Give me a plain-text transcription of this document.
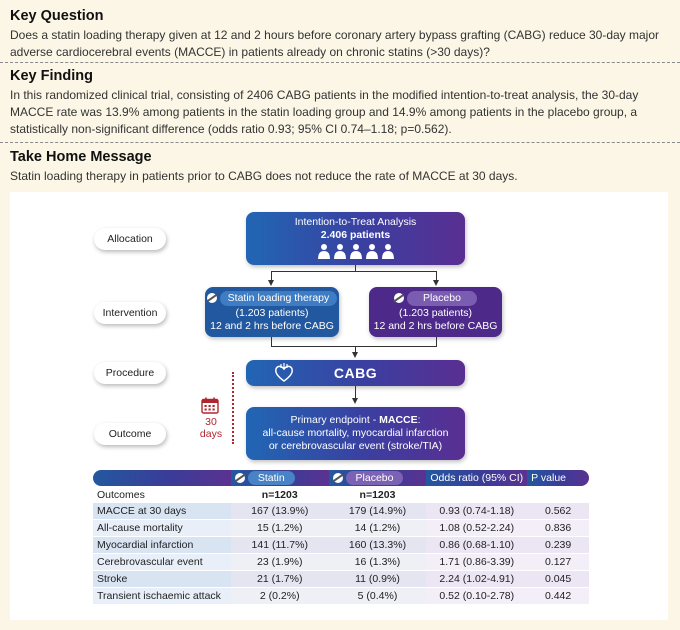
Key Question

Does a statin loading therapy given at 12 and 2 hours before coronary artery bypass grafting (CABG) reduce 30-day major adverse cardiocerebral events (MACCE) in patients already on chronic statins (>30 days)?

Key Finding

In this randomized clinical trial, consisting of 2406 CABG patients in the modified intention-to-treat analysis, the 30-day MACCE rate was 13.9% among patients in the statin loading group and 14.9% among patients in the placebo group, a statistically non-significant difference (odds ratio 0.93; 95% CI 0.74–1.18; p=0.562).

Take Home Message

Statin loading therapy in patients prior to CABG does not reduce the rate of MACCE at 30 days.

Allocation
Intervention
Procedure
Outcome
Intention-to-Treat Analysis
2.406 patients
Statin loading therapy
(1.203 patients)
12 and 2 hrs before CABG
Placebo
(1.203 patients)
12 and 2 hrs before CABG
CABG
30 days
Primary endpoint - MACCE:
all-cause mortality, myocardial infarction
or cerebrovascular event (stroke/TIA)
	Statin	Placebo	Odds ratio (95% CI)	P value
Outcomes	n=1203	n=1203		
MACCE at 30 days	167 (13.9%)	179 (14.9%)	0.93 (0.74-1.18)	0.562
All-cause mortality	15 (1.2%)	14 (1.2%)	1.08 (0.52-2.24)	0.836
Myocardial infarction	141 (11.7%)	160 (13.3%)	0.86 (0.68-1.10)	0.239
Cerebrovascular event	23 (1.9%)	16 (1.3%)	1.71 (0.86-3.39)	0.127
Stroke	21 (1.7%)	11 (0.9%)	2.24 (1.02-4.91)	0.045
Transient ischaemic attack	2 (0.2%)	5 (0.4%)	0.52 (0.10-2.78)	0.442
